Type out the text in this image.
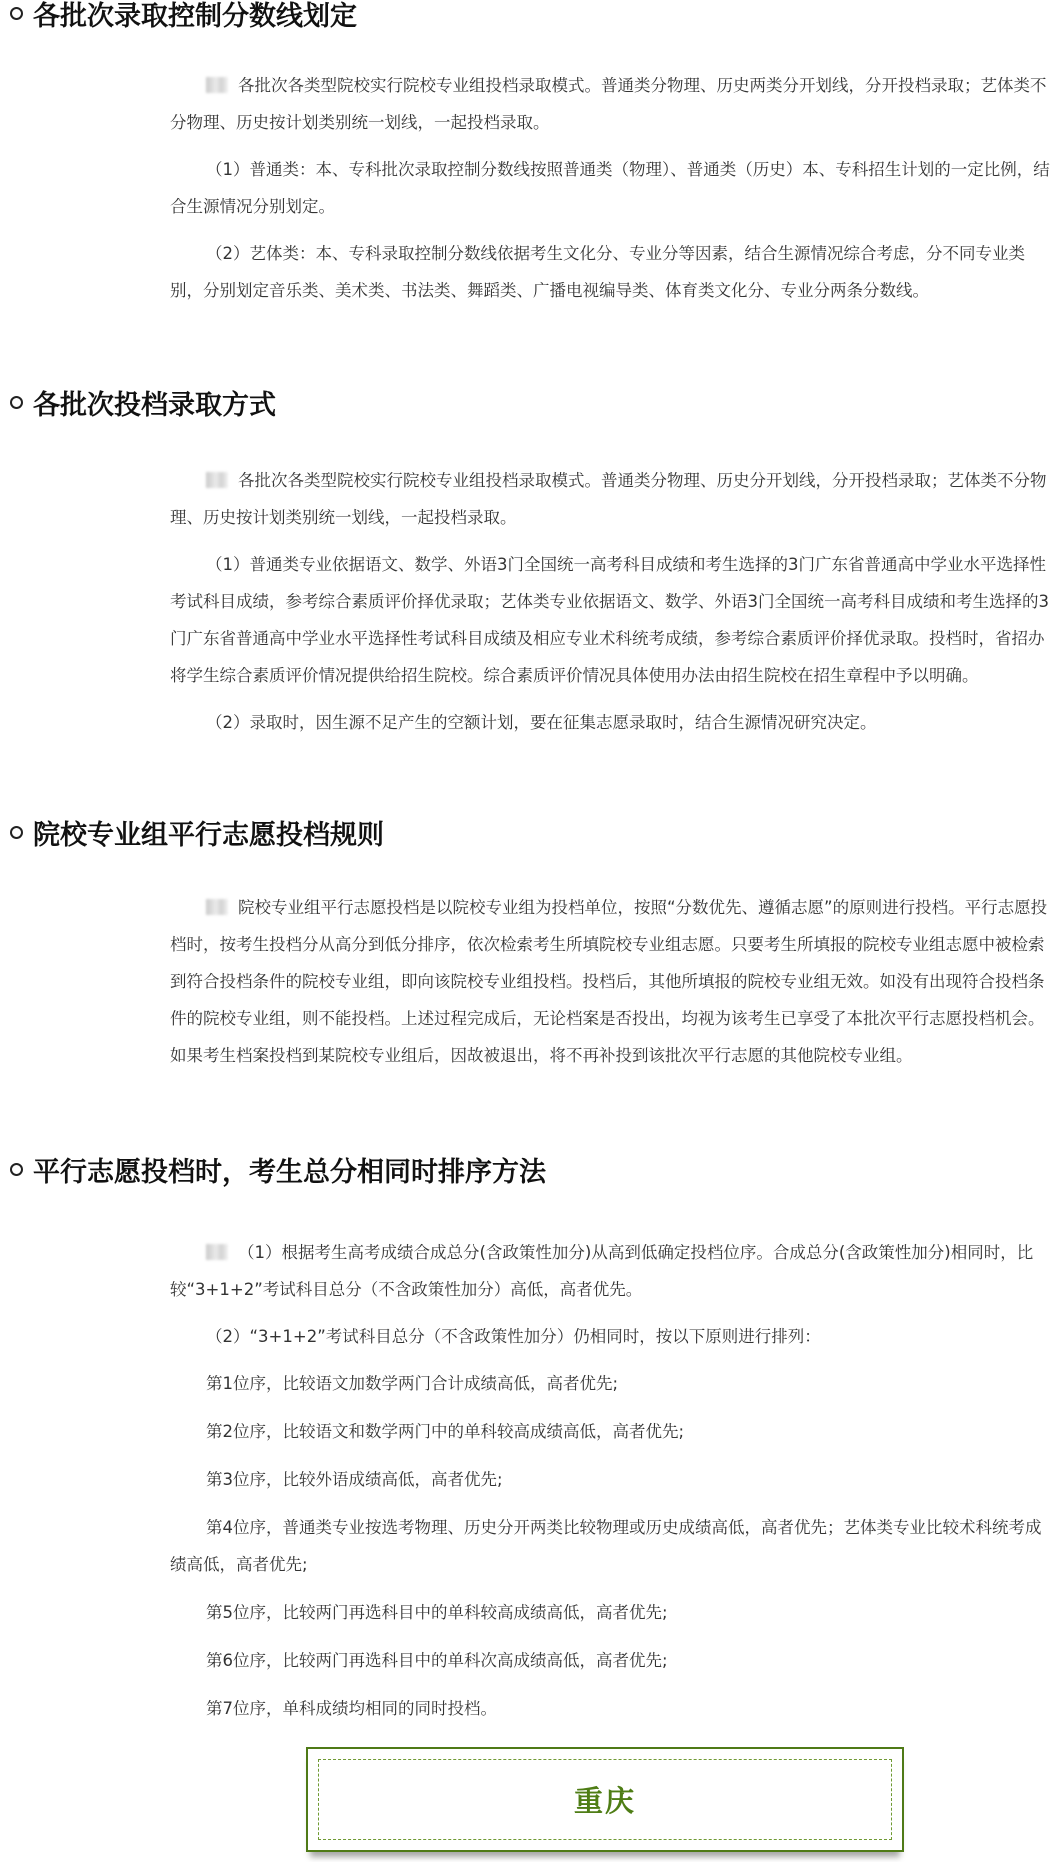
各批次录取控制分数线划定

各批次各类型院校实行院校专业组投档录取模式。普通类分物理、历史两类分开划线，分开投档录取；艺体类不分物理、历史按计划类别统一划线，一起投档录取。

（1）普通类：本、专科批次录取控制分数线按照普通类（物理）、普通类（历史）本、专科招生计划的一定比例，结合生源情况分别划定。

（2）艺体类：本、专科录取控制分数线依据考生文化分、专业分等因素，结合生源情况综合考虑，分不同专业类别，分别划定音乐类、美术类、书法类、舞蹈类、广播电视编导类、体育类文化分、专业分两条分数线。

各批次投档录取方式

各批次各类型院校实行院校专业组投档录取模式。普通类分物理、历史分开划线，分开投档录取；艺体类不分物理、历史按计划类别统一划线，一起投档录取。

（1）普通类专业依据语文、数学、外语3门全国统一高考科目成绩和考生选择的3门广东省普通高中学业水平选择性考试科目成绩，参考综合素质评价择优录取；艺体类专业依据语文、数学、外语3门全国统一高考科目成绩和考生选择的3门广东省普通高中学业水平选择性考试科目成绩及相应专业术科统考成绩，参考综合素质评价择优录取。投档时，省招办将学生综合素质评价情况提供给招生院校。综合素质评价情况具体使用办法由招生院校在招生章程中予以明确。

（2）录取时，因生源不足产生的空额计划，要在征集志愿录取时，结合生源情况研究决定。

院校专业组平行志愿投档规则

院校专业组平行志愿投档是以院校专业组为投档单位，按照“分数优先、遵循志愿”的原则进行投档。平行志愿投档时，按考生投档分从高分到低分排序，依次检索考生所填院校专业组志愿。只要考生所填报的院校专业组志愿中被检索到符合投档条件的院校专业组，即向该院校专业组投档。投档后，其他所填报的院校专业组无效。如没有出现符合投档条件的院校专业组，则不能投档。上述过程完成后，无论档案是否投出，均视为该考生已享受了本批次平行志愿投档机会。如果考生档案投档到某院校专业组后，因故被退出，将不再补投到该批次平行志愿的其他院校专业组。

平行志愿投档时，考生总分相同时排序方法

（1）根据考生高考成绩合成总分(含政策性加分)从高到低确定投档位序。合成总分(含政策性加分)相同时，比较“3+1+2”考试科目总分（不含政策性加分）高低，高者优先。

（2）“3+1+2”考试科目总分（不含政策性加分）仍相同时，按以下原则进行排列：

第1位序，比较语文加数学两门合计成绩高低，高者优先;

第2位序，比较语文和数学两门中的单科较高成绩高低，高者优先;

第3位序，比较外语成绩高低，高者优先;

第4位序，普通类专业按选考物理、历史分开两类比较物理或历史成绩高低，高者优先；艺体类专业比较术科统考成绩高低，高者优先;

第5位序，比较两门再选科目中的单科较高成绩高低，高者优先;

第6位序，比较两门再选科目中的单科次高成绩高低，高者优先;

第7位序，单科成绩均相同的同时投档。

重庆
